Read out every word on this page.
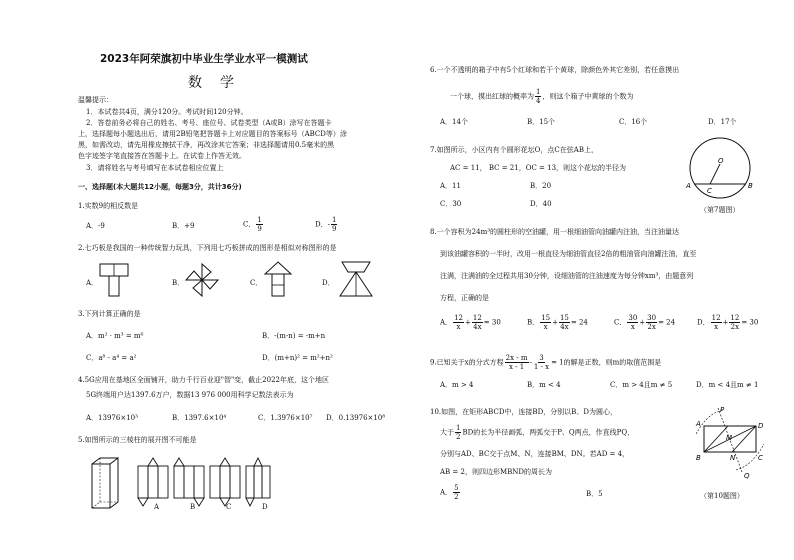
2023年阿荣旗初中毕业生学业水平一模测试
数学
温馨提示：
1．本试卷共4页，满分120分。考试时间120分钟。
2．答卷前务必将自己的姓名、考号、座位号、试卷类型（A或B）涂写在答题卡
上，选择题每小题选出后，请用2B铅笔把答题卡上对应题目的答案标号（ABCD等）涂
黑，如需改动，请先用橡皮擦拭干净，再改涂其它答案；非选择题请用0.5毫米的黑
色字迹签字笔直接答在答题卡上。在试卷上作答无效。
3．请将姓名与考号填写在本试卷相应位置上
一、选择题(本大题共12小题，每题3分，共计36分)
1.实数9的相反数是
A．-9	B．+9	C． $\frac{1}{9}$	D．- $\frac{1}{9}$
2.七巧板是我国的一种传统智力玩具，下列用七巧板拼成的图形是相似对称图形的是
A．	B．	C．	D．
3.下列计算正确的是
A．m² · m³ = m⁶	B．-(m-n) = -m+n
C．a⁸ - a⁴ = a²	D．(m+n)² = m²+n²
4.5G应用在基地区全面铺开，助力千行百业迎"智"变，截止2022年底，这个地区
5G终端用户达1397.6万户，数据13 976 000用科学记数法表示为
A．13976×10³	B．1397.6×10⁴	C．1.3976×10⁷ D．0.13976×10⁸
5.如图所示的三棱柱的展开图不可能是
A	B	C	D
6.一个不透明的箱子中有5个红球和若干个黄球，除颜色外其它差别，若任意摸出
一个球，摸出红球的概率为 $\frac{1}{4}$ ，则这个箱子中黄球的个数为
A．14个	B．15个	C．16个	D．17个
7.如图所示，小区内有个圆形花坛O，点C在弦AB上，
AC = 11， BC = 21，OC = 13，则这个花坛的半径为
A．11	B．20
C．30	D．40
O
A	B
C
（第7题图）
8.一个容积为24m³的圆柱形的空油罐，用一根细油管向油罐内注油，当注油量达
到该油罐容积的一半时，改用一根直径为细油管直径2倍的粗油管向油罐注油，直至
注满，注满油的全过程共用30分钟，设细油管的注油速度为每分钟xm³，由题意列
方程，正确的是
A． $\frac{12}{x} + \frac{12}{4x} = 30$	B． $\frac{15}{x} + \frac{15}{4x} = 24$	C． $\frac{30}{x} + \frac{30}{2x} = 24$	D． $\frac{12}{x} + \frac{12}{2x} = 30$
9.已知关于x的分式方程 $\frac{2x - m}{x - 1} - \frac{3}{1 - x} = 1$的解是正数，则m的取值范围是
A．m > 4	B．m < 4	C．m > 4且m ≠ 5	D．m < 4且m ≠ 1
10.如图，在矩形ABCD中，连接BD，分别以B、D为圆心，
大于 $\frac{1}{2}$ BD的长为半径画弧，两弧交于P、Q两点，作直线PQ，
分别与AD、BC交于点M、N，连接BM、DN。若AD = 4，
AB = 2，则四边形MBND的周长为
A． $\frac{5}{2}$	B．5
P
A
M
D
B	N	C
Q
（第10题图）
